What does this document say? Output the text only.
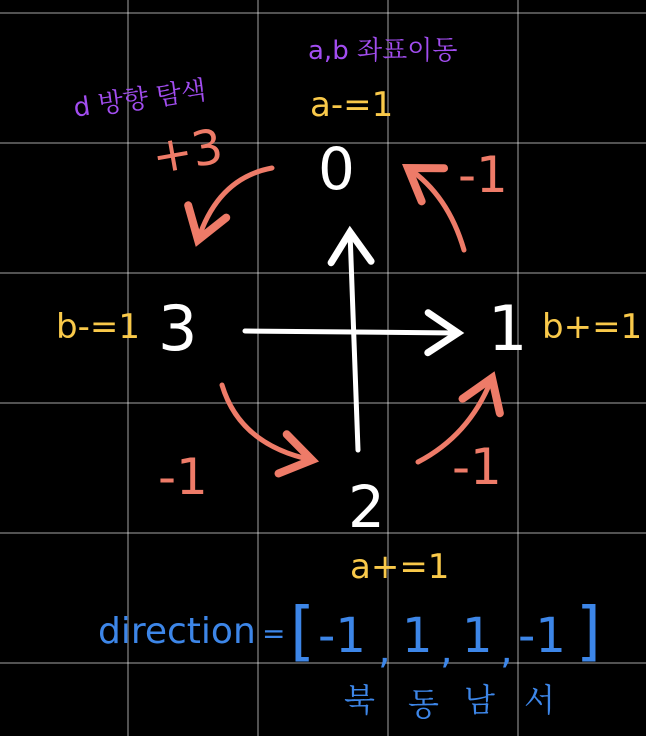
a,b 좌표이동
d 방향 탐색
0
1
2
3
a-=1
b+=1
a+=1
b-=1
+3	-1
-1	-1
direction = [ -1 , 1 , 1 , -1 ]
북 동 남 서
